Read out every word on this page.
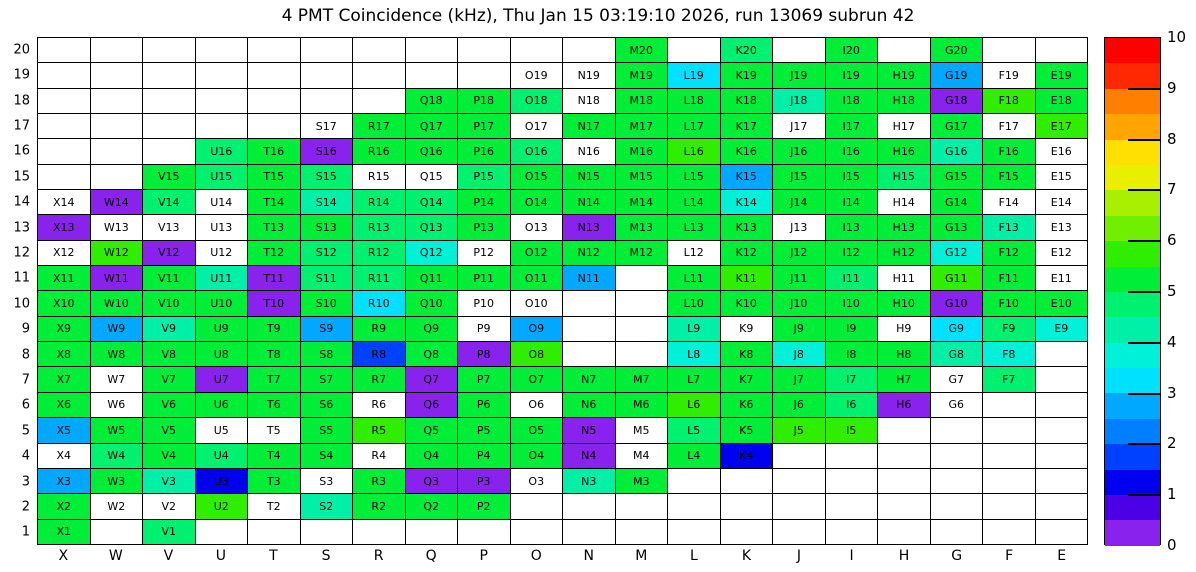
4 PMT Coincidence (kHz), Thu Jan 15 03:19:10 2026, run 13069 subrun 42
											M20		K20		I20		G20		
									O19	N19	M19	L19	K19	J19	I19	H19	G19	F19	E19
							Q18	P18	O18	N18	M18	L18	K18	J18	I18	H18	G18	F18	E18
					S17	R17	Q17	P17	O17	N17	M17	L17	K17	J17	I17	H17	G17	F17	E17
			U16	T16	S16	R16	Q16	P16	O16	N16	M16	L16	K16	J16	I16	H16	G16	F16	E16
		V15	U15	T15	S15	R15	Q15	P15	O15	N15	M15	L15	K15	J15	I15	H15	G15	F15	E15
X14	W14	V14	U14	T14	S14	R14	Q14	P14	O14	N14	M14	L14	K14	J14	I14	H14	G14	F14	E14
X13	W13	V13	U13	T13	S13	R13	Q13	P13	O13	N13	M13	L13	K13	J13	I13	H13	G13	F13	E13
X12	W12	V12	U12	T12	S12	R12	Q12	P12	O12	N12	M12	L12	K12	J12	I12	H12	G12	F12	E12
X11	W11	V11	U11	T11	S11	R11	Q11	P11	O11	N11		L11	K11	J11	I11	H11	G11	F11	E11
X10	W10	V10	U10	T10	S10	R10	Q10	P10	O10			L10	K10	J10	I10	H10	G10	F10	E10
X9	W9	V9	U9	T9	S9	R9	Q9	P9	O9			L9	K9	J9	I9	H9	G9	F9	E9
X8	W8	V8	U8	T8	S8	R8	Q8	P8	O8			L8	K8	J8	I8	H8	G8	F8	
X7	W7	V7	U7	T7	S7	R7	Q7	P7	O7	N7	M7	L7	K7	J7	I7	H7	G7	F7	
X6	W6	V6	U6	T6	S6	R6	Q6	P6	O6	N6	M6	L6	K6	J6	I6	H6	G6		
X5	W5	V5	U5	T5	S5	R5	Q5	P5	O5	N5	M5	L5	K5	J5	I5				
X4	W4	V4	U4	T4	S4	R4	Q4	P4	O4	N4	M4	L4	K4						
X3	W3	V3	U3	T3	S3	R3	Q3	P3	O3	N3	M3								
X2	W2	V2	U2	T2	S2	R2	Q2	P2											
X1		V1																	
20
19
18
17
16
15
14
13
12
11
10
9
8
7
6
5
4
3
2
1
X	W	V	U	T	S	R	Q	P	O	N	M	L	K	J	I	H	G	F	E
10
9
8
7
6
5
4
3
2
1
0
